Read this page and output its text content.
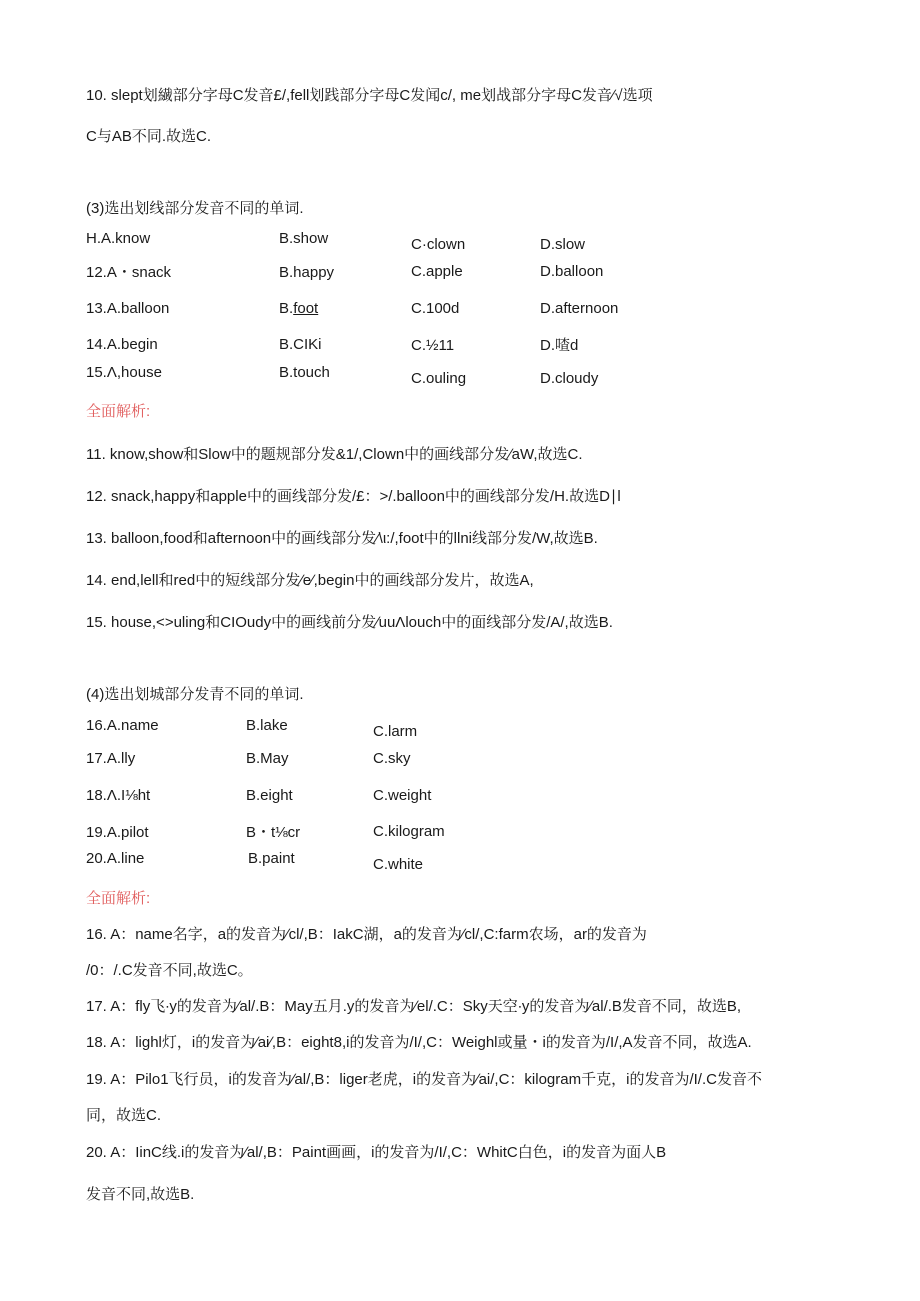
10. slept划繊部分字母C发音£/,fell划践部分字母C发闻c/, me划战部分字母C发音∕√选项
C与AB不同.故选C.
(3)选出划线部分发音不同的单词.
H.A.know	B.show	C·clown	D.slow
12.A・snack	B.happy	C.apple	D.balloon
13.A.balloon	B.foot	C.100d	D.afternoon
14.A.begin	B.CIKi	C.½11	D.喳d
15.Λ,house	B.touch	C.ouling	D.cloudy
全面解析:
11. know,show和Slow中的题规部分发&1/,Clown中的画线部分发∕aW,故选C.
12. snack,happy和apple中的画线部分发/£：>/.balloon中的画线部分发/H.故选D∣l
13. balloon,food和afternoon中的画线部分发∕\ι:/,foot中的llni线部分发/W,故选B.
14. end,lell和red中的短线部分发∕e∕,begin中的画线部分发片，故选A,
15. house,<>uling和CIOudy中的画线前分发∕uuΛlouch中的面线部分发/A/,故选B.
(4)选出划城部分发青不同的单词.
16.A.name	B.lake	C.larm
17.A.lly	B.May	C.sky
18.Λ.I⅛ht	B.eight	C.weight
19.A.pilot	B・t⅛cr	C.kilogram
20.A.line	B.paint	C.white
全面解析:
16. A：name名字，a的发音为∕cl/,B：IakC湖，a的发音为∕cl/,C:farm农场，ar的发音为
/0：/.C发音不同,故选C。
17. A：fly飞∙y的发音为∕al/.B：May五月.y的发音为∕el/.C：Sky天空∙y的发音为∕al/.B发音不同，故选B,
18. A：lighl灯，i的发音为∕ai∕,B：eight8,i的发音为/I/,C：Weighl或量・i的发音为/I/,A发音不同，故选A.
19. A：Pilo1飞行员，i的发音为∕al/,B：liger老虎，i的发音为∕ai/,C：kilogram千克，i的发音为/I/.C发音不
同，故选C.
20. A：IinC线.i的发音为∕al/,B：Paint画画，i的发音为/I/,C：WhitC白色，i的发音为面人B
发音不同,故选B.
